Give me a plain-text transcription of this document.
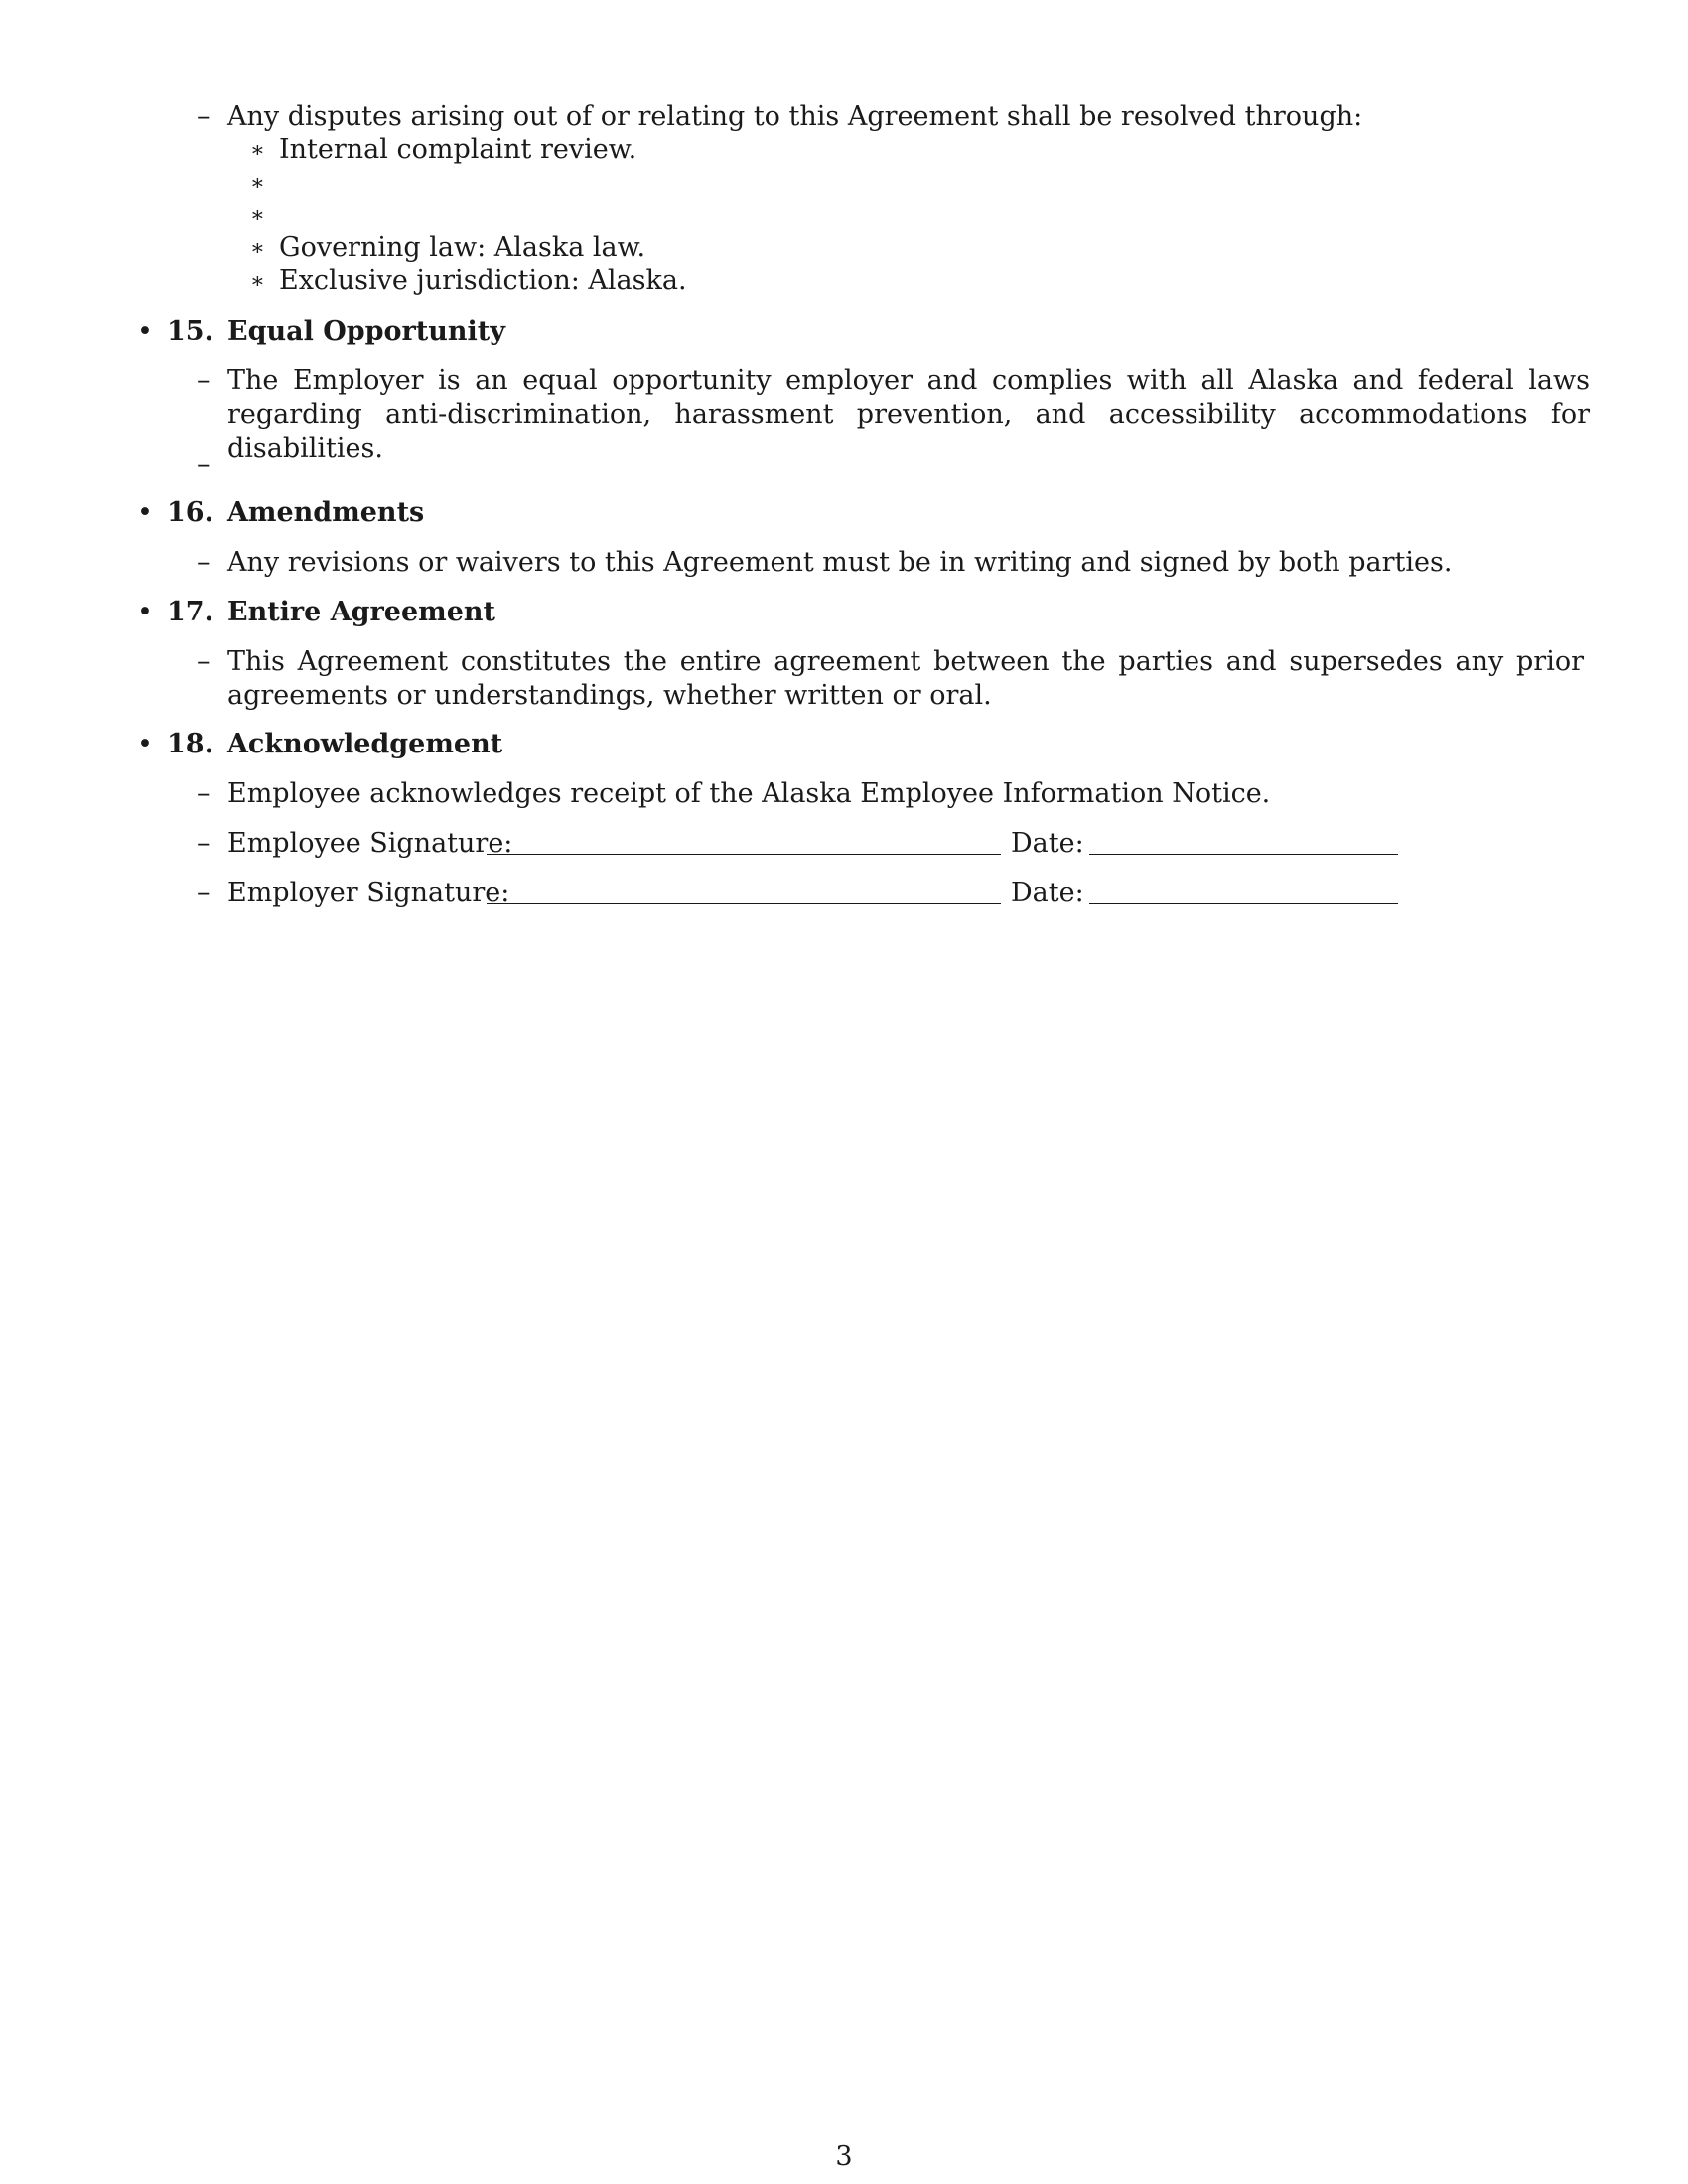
– Any disputes arising out of or relating to this Agreement shall be resolved through:
∗ Internal complaint review.
∗
∗
∗ Governing law: Alaska law.
∗ Exclusive jurisdiction: Alaska.
• 15. Equal Opportunity
– The Employer is an equal opportunity employer and complies with all Alaska and federal laws regarding anti-discrimination, harassment prevention, and accessibility accommodations for disabilities.
–
• 16. Amendments
– Any revisions or waivers to this Agreement must be in writing and signed by both parties.
• 17. Entire Agreement
– This Agreement constitutes the entire agreement between the parties and supersedes any prior agreements or understandings, whether written or oral.
• 18. Acknowledgement
– Employee acknowledges receipt of the Alaska Employee Information Notice.
– Employee Signature:	Date:
– Employer Signature:	Date:
3
